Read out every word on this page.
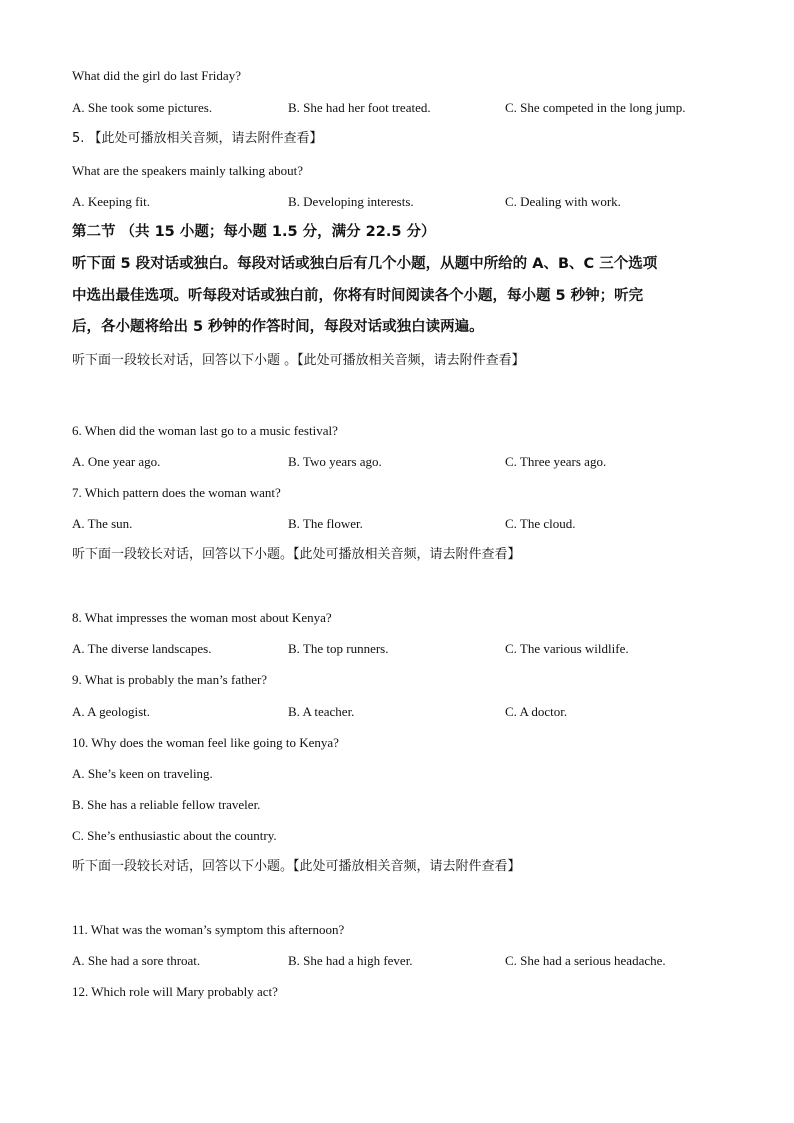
What did the girl do last Friday?
A. She took some pictures.	B. She had her foot treated.	C. She competed in the long jump.
5. 【此处可播放相关音频，请去附件查看】
What are the speakers mainly talking about?
A. Keeping fit.	B. Developing interests.	C. Dealing with work.
第二节 （共 15 小题；每小题 1.5 分，满分 22.5 分）
听下面 5 段对话或独白。每段对话或独白后有几个小题，从题中所给的 A、B、C 三个选项
中选出最佳选项。听每段对话或独白前，你将有时间阅读各个小题，每小题 5 秒钟；听完
后，各小题将给出 5 秒钟的作答时间，每段对话或独白读两遍。
听下面一段较长对话，回答以下小题 。【此处可播放相关音频，请去附件查看】
6. When did the woman last go to a music festival?
A. One year ago.	B. Two years ago.	C. Three years ago.
7. Which pattern does the woman want?
A. The sun.	B. The flower.	C. The cloud.
听下面一段较长对话，回答以下小题。【此处可播放相关音频，请去附件查看】
8. What impresses the woman most about Kenya?
A. The diverse landscapes.	B. The top runners.	C. The various wildlife.
9. What is probably the man’s father?
A. A geologist.	B. A teacher.	C. A doctor.
10. Why does the woman feel like going to Kenya?
A. She’s keen on traveling.
B. She has a reliable fellow traveler.
C. She’s enthusiastic about the country.
听下面一段较长对话，回答以下小题。【此处可播放相关音频，请去附件查看】
11. What was the woman’s symptom this afternoon?
A. She had a sore throat.	B. She had a high fever.	C. She had a serious headache.
12. Which role will Mary probably act?
